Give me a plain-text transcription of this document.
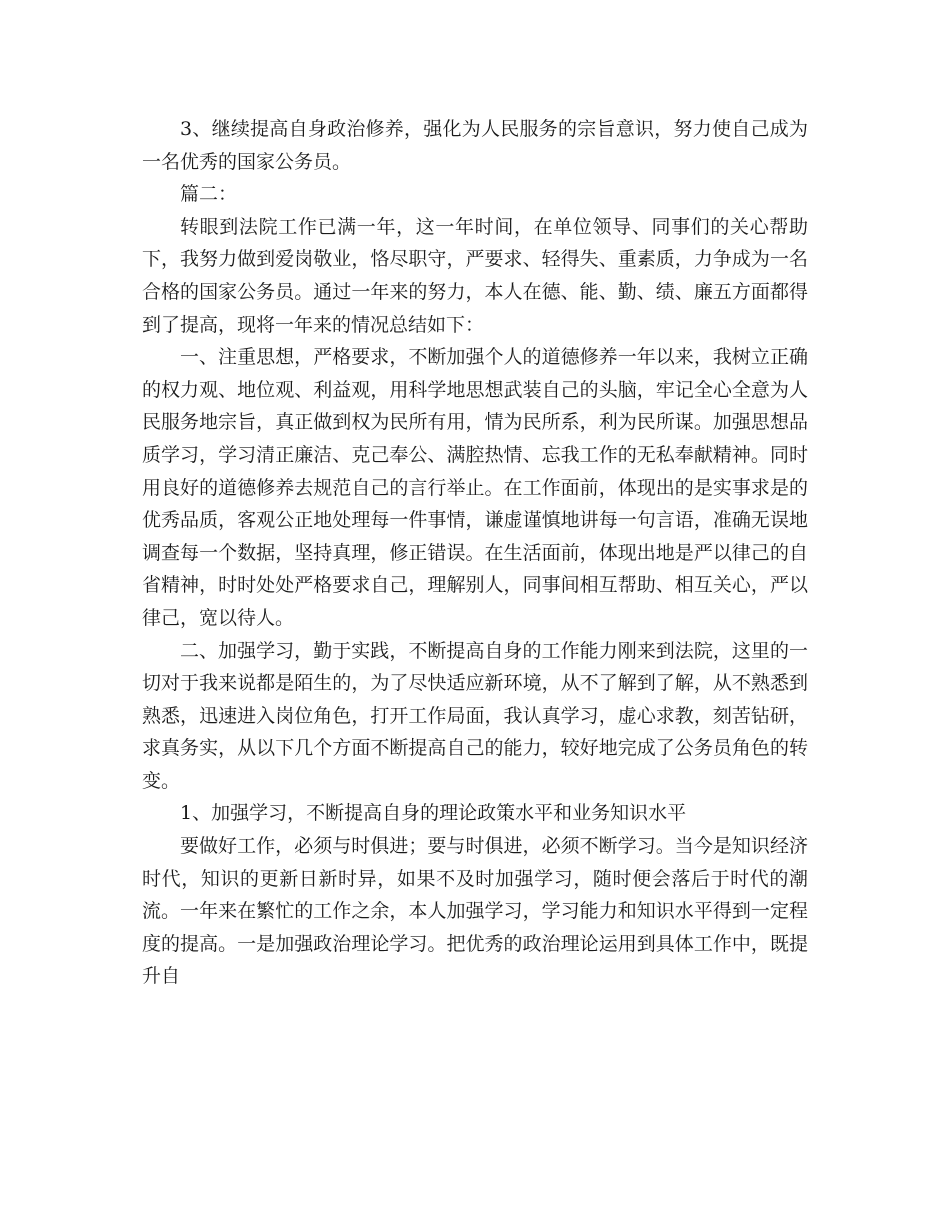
3、继续提高自身政治修养，强化为人民服务的宗旨意识，努力使自己成为一名优秀的国家公务员。

篇二：

转眼到法院工作已满一年，这一年时间，在单位领导、同事们的关心帮助下，我努力做到爱岗敬业，恪尽职守，严要求、轻得失、重素质，力争成为一名合格的国家公务员。通过一年来的努力，本人在德、能、勤、绩、廉五方面都得到了提高，现将一年来的情况总结如下：

一、注重思想，严格要求，不断加强个人的道德修养一年以来，我树立正确的权力观、地位观、利益观，用科学地思想武装自己的头脑，牢记全心全意为人民服务地宗旨，真正做到权为民所有用，情为民所系，利为民所谋。加强思想品质学习，学习清正廉洁、克己奉公、满腔热情、忘我工作的无私奉献精神。同时用良好的道德修养去规范自己的言行举止。在工作面前，体现出的是实事求是的优秀品质，客观公正地处理每一件事情，谦虚谨慎地讲每一句言语，准确无误地调查每一个数据，坚持真理，修正错误。在生活面前，体现出地是严以律己的自省精神，时时处处严格要求自己，理解别人，同事间相互帮助、相互关心，严以律己，宽以待人。

二、加强学习，勤于实践，不断提高自身的工作能力刚来到法院，这里的一切对于我来说都是陌生的，为了尽快适应新环境，从不了解到了解，从不熟悉到熟悉，迅速进入岗位角色，打开工作局面，我认真学习，虚心求教，刻苦钻研，求真务实，从以下几个方面不断提高自己的能力，较好地完成了公务员角色的转变。

1、加强学习，不断提高自身的理论政策水平和业务知识水平

要做好工作，必须与时俱进；要与时俱进，必须不断学习。当今是知识经济时代，知识的更新日新时异，如果不及时加强学习，随时便会落后于时代的潮流。一年来在繁忙的工作之余，本人加强学习，学习能力和知识水平得到一定程度的提高。一是加强政治理论学习。把优秀的政治理论运用到具体工作中，既提升自
